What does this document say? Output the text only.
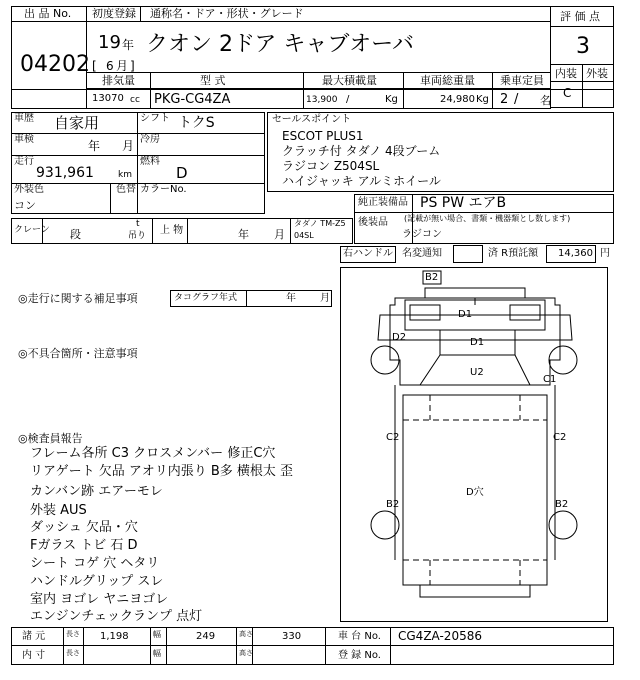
出 品 No.
04202
初度登録 通称名・ドア・形状・グレード
19 年
[ 6 月 ]
クオン 2ドア キャブオーバ
評 価 点
3
内装 外装
C
排気量	型 式	最大積載量	車両総重量 乗車定員
13070 cc PKG-CG4ZA	13,900 /	Kg	24,980 Kg 2 / 名
車歴 自家用	シフト トクS
車検	年 月 冷房
走行
931,961	km
燃料
D
外装色
コン
色替 カラーNo.
セールスポイント
ESCOT PLUS1
クラッチ付 タダノ 4段ブーム
ラジコン Z504SL
ハイジャッキ アルミホイール
純正装備品 PS PW エアB
後装品 (記載が無い場合、書類・機器類とし数します)
ラジコン
クレーン 段
t
吊り 上 物	年 月
タダノ TM-Z5
04SL
右ハンドル 名変通知	済 R預託額 14,360 円
◎走行に関する補足事項	タコグラフ年式	年 月
◎不具合箇所・注意事項
◎検査員報告
フレーム各所 C3 クロスメンバー 修正C穴
リアゲート 欠品 アオリ内張り B多 横根太 歪
カンバン跡 エアーモレ
外装 AUS
ダッシュ 欠品・穴
Fガラス トビ 石 D
シート コゲ 穴 ヘタリ
ハンドルグリップ スレ
室内 ヨゴレ ヤニヨゴレ
エンジンチェックランプ 点灯
B2
D1
D1
D2
U2
C1
C2	C2
D穴
B2	B2
諸 元	長さ 1,198	幅	249	高さ	330	車 台 No. CG4ZA-20586
内 寸	長さ	幅	高さ	登 録 No.
